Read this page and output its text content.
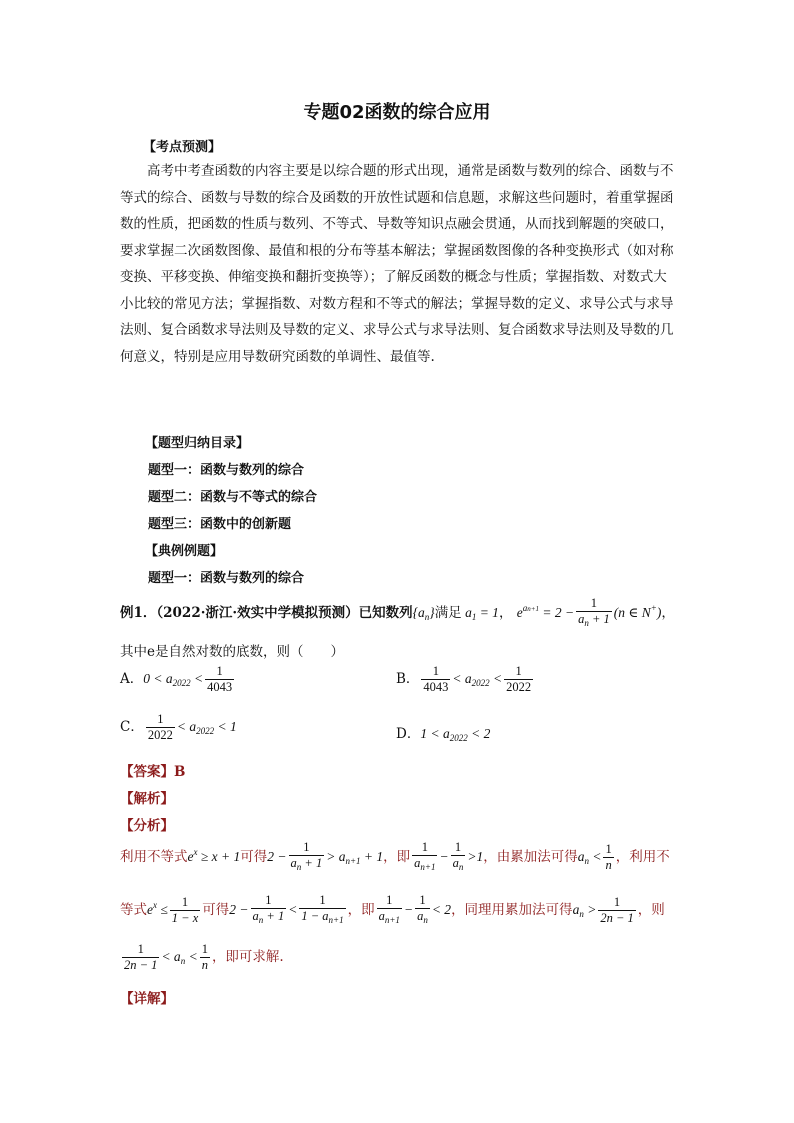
专题02函数的综合应用
【考点预测】
高考中考查函数的内容主要是以综合题的形式出现，通常是函数与数列的综合、函数与不等式的综合、函数与导数的综合及函数的开放性试题和信息题，求解这些问题时，着重掌握函数的性质，把函数的性质与数列、不等式、导数等知识点融会贯通，从而找到解题的突破口，要求掌握二次函数图像、最值和根的分布等基本解法；掌握函数图像的各种变换形式（如对称变换、平移变换、伸缩变换和翻折变换等）；了解反函数的概念与性质；掌握指数、对数式大小比较的常见方法；掌握指数、对数方程和不等式的解法；掌握导数的定义、求导公式与求导法则、复合函数求导法则及导数的定义、求导公式与求导法则、复合函数求导法则及导数的几何意义，特别是应用导数研究函数的单调性、最值等.
【题型归纳目录】
题型一：函数与数列的综合
题型二：函数与不等式的综合
题型三：函数中的创新题
【典例例题】
题型一：函数与数列的综合
例1．（2022·浙江·效实中学模拟预测）已知数列$\{a_n\}$满足 $a_1 = 1$， $e^{an+1} = 2 - \frac{1}{a_n + 1} (n$ ∈ N+)，
其中e是自然对数的底数，则（　　）
A．$0 < a_{2022} < \frac{1}{4043}$	B． $\frac{1}{4043} < a_{2022} < \frac{1}{2022}$
C． $\frac{1}{2022} < a_{2022} < 1$	D．$1 < a_{2022} < 2$
【答案】B
【解析】
【分析】
利用不等式$e^x \ge x + 1$可得$2 - \frac{1}{a_n + 1} > a_{n+1} + 1$，即 $\frac{1}{a_{n+1}} - \frac{1}{a_n} >1$，由累加法可得$a_n < \frac{1}{n}$ ，利用不
等式$e^x \le \frac{1}{1 - x}$ 可得$2 - \frac{1}{a_n + 1} < \frac{1}{1 - a_{n+1}}$ ，即 $\frac{1}{a_{n+1}} - \frac{1}{a_n} < 2$，同理用累加法可得$a_n > \frac{1}{2n - 1}$ ，则
$\frac{1}{2n - 1} < a_n < \frac{1}{n}$ ，即可求解.
【详解】
